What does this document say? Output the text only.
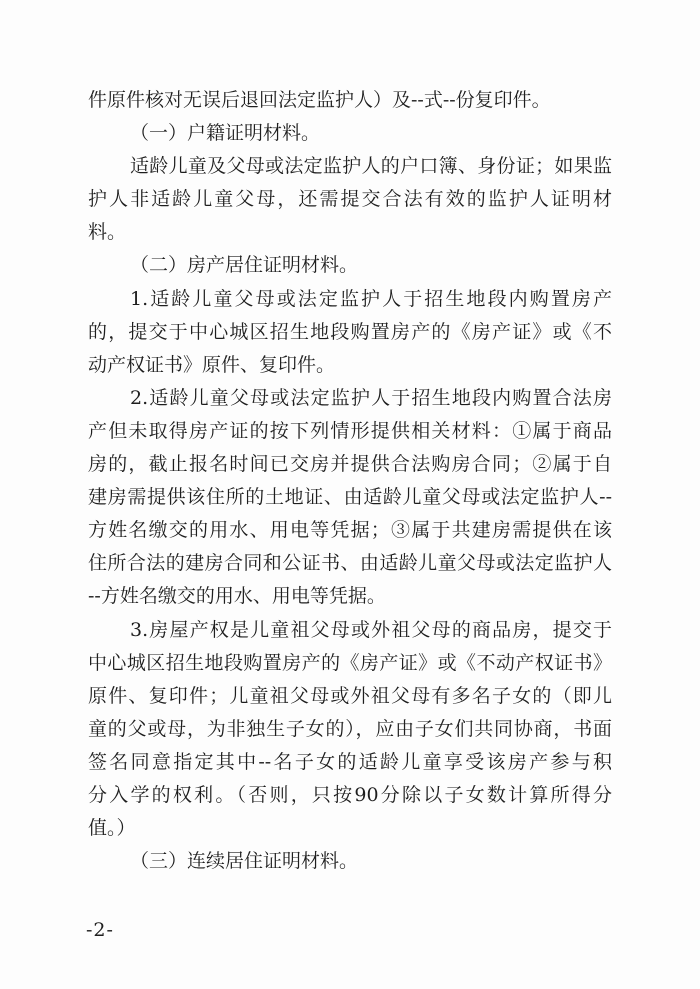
件原件核对无误后退回法定监护人）及--式--份复印件。
（一）户籍证明材料。
适龄儿童及父母或法定监护人的户口簿、身份证；如果监
护人非适龄儿童父母，还需提交合法有效的监护人证明材
料。
（二）房产居住证明材料。
1.适龄儿童父母或法定监护人于招生地段内购置房产
的，提交于中心城区招生地段购置房产的《房产证》或《不
动产权证书》原件、复印件。
2.适龄儿童父母或法定监护人于招生地段内购置合法房
产但未取得房产证的按下列情形提供相关材料：①属于商品
房的，截止报名时间已交房并提供合法购房合同；②属于自
建房需提供该住所的土地证、由适龄儿童父母或法定监护人--
方姓名缴交的用水、用电等凭据；③属于共建房需提供在该
住所合法的建房合同和公证书、由适龄儿童父母或法定监护人
--方姓名缴交的用水、用电等凭据。
3.房屋产权是儿童祖父母或外祖父母的商品房，提交于
中心城区招生地段购置房产的《房产证》或《不动产权证书》
原件、复印件；儿童祖父母或外祖父母有多名子女的（即儿
童的父或母，为非独生子女的），应由子女们共同协商，书面
签名同意指定其中--名子女的适龄儿童享受该房产参与积
分入学的权利。（否则，只按90分除以子女数计算所得分
值。）
（三）连续居住证明材料。
-2-
